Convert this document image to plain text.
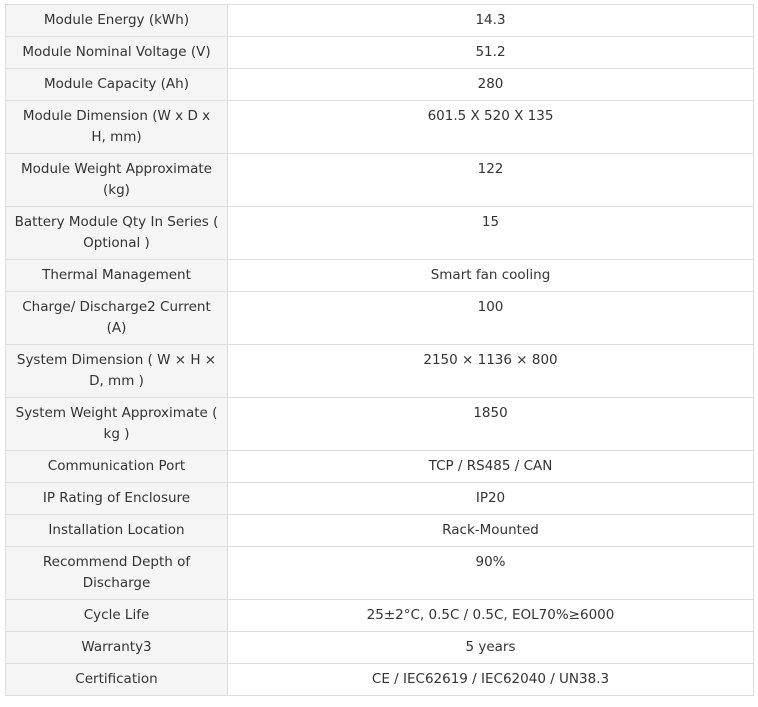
Module Energy (kWh)	14.3
Module Nominal Voltage (V)	51.2
Module Capacity (Ah)	280
Module Dimension (W x D x H, mm)	601.5 X 520 X 135
Module Weight Approximate (kg)	122
Battery Module Qty In Series ( Optional )	15
Thermal Management	Smart fan cooling
Charge/ Discharge2 Current (A)	100
System Dimension ( W × H × D, mm )	2150 × 1136 × 800
System Weight Approximate ( kg )	1850
Communication Port	TCP / RS485 / CAN
IP Rating of Enclosure	IP20
Installation Location	Rack-Mounted
Recommend Depth of Discharge	90%
Cycle Life	25±2°C, 0.5C / 0.5C, EOL70%≥6000
Warranty3	5 years
Certification	CE / IEC62619 / IEC62040 / UN38.3
